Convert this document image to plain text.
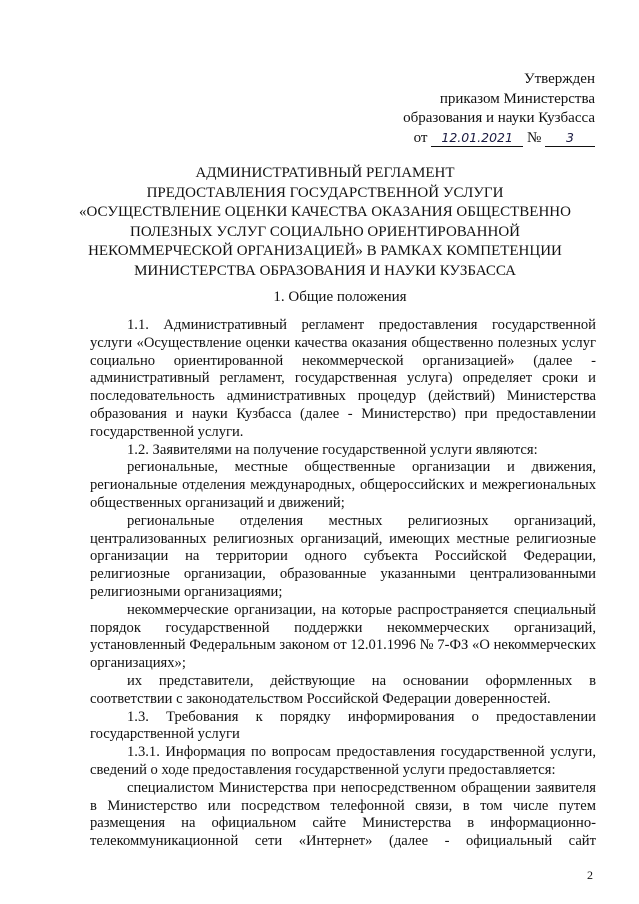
Утвержден
приказом Министерства
образования и науки Кузбасса
от 12.01.2021 № 3
АДМИНИСТРАТИВНЫЙ РЕГЛАМЕНТ
ПРЕДОСТАВЛЕНИЯ ГОСУДАРСТВЕННОЙ УСЛУГИ
«ОСУЩЕСТВЛЕНИЕ ОЦЕНКИ КАЧЕСТВА ОКАЗАНИЯ ОБЩЕСТВЕННО
ПОЛЕЗНЫХ УСЛУГ СОЦИАЛЬНО ОРИЕНТИРОВАННОЙ
НЕКОММЕРЧЕСКОЙ ОРГАНИЗАЦИЕЙ» В РАМКАХ КОМПЕТЕНЦИИ
МИНИСТЕРСТВА ОБРАЗОВАНИЯ И НАУКИ КУЗБАССА
1. Общие положения

1.1. Административный регламент предоставления государственной услуги «Осуществление оценки качества оказания общественно полезных услуг социально ориентированной некоммерческой организацией» (далее - административный регламент, государственная услуга) определяет сроки и последовательность административных процедур (действий) Министерства образования и науки Кузбасса (далее - Министерство) при предоставлении государственной услуги.

1.2. Заявителями на получение государственной услуги являются:

региональные, местные общественные организации и движения, региональные отделения международных, общероссийских и межрегиональных общественных организаций и движений;

региональные отделения местных религиозных организаций, централизованных религиозных организаций, имеющих местные религиозные организации на территории одного субъекта Российской Федерации, религиозные организации, образованные указанными централизованными религиозными организациями;

некоммерческие организации, на которые распространяется специальный порядок государственной поддержки некоммерческих организаций, установленный Федеральным законом от 12.01.1996 № 7-ФЗ «О некоммерческих организациях»;

их представители, действующие на основании оформленных в соответствии с законодательством Российской Федерации доверенностей.

1.3. Требования к порядку информирования о предоставлении государственной услуги

1.3.1. Информация по вопросам предоставления государственной услуги, сведений о ходе предоставления государственной услуги предоставляется:

специалистом Министерства при непосредственном обращении заявителя в Министерство или посредством телефонной связи, в том числе путем размещения на официальном сайте Министерства в информационно-телекоммуникационной сети «Интернет» (далее - официальный сайт

2
